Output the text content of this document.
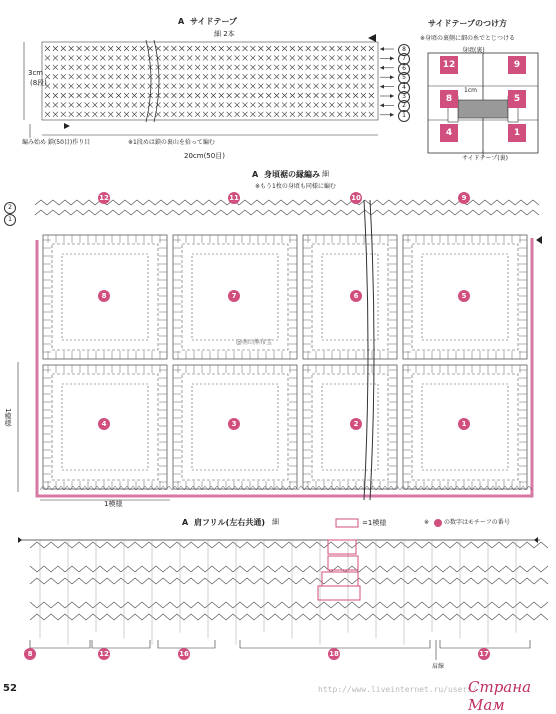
A サイドテープ
細 2本
3cm
(8段)
編み始め 鎖(50目)作り目	※1段めは鎖の裏山を拾って編む
20cm(50目)
8
7
6
5
4
3
2
1
サイドテープのつけ方
※身頃の裏側に細の糸でとじつける
身頃(裏)
1cm
サイドテープ(裏)
12	9
8	5
4	1
A 身頃裾の縁編み 細
※もう1枚の身頃も同様に編む
@南山熊布宝
1模様
1模様
8	7	6	5
4	3	2	1
12	11	10	9
2
1
A 肩フリル(左右共通) 細	=1模様	※ の数字はモチーフの番号
肩線
8	12	16	18	17
52	http://www.liveinternet.ru/users/
Страна Мам
